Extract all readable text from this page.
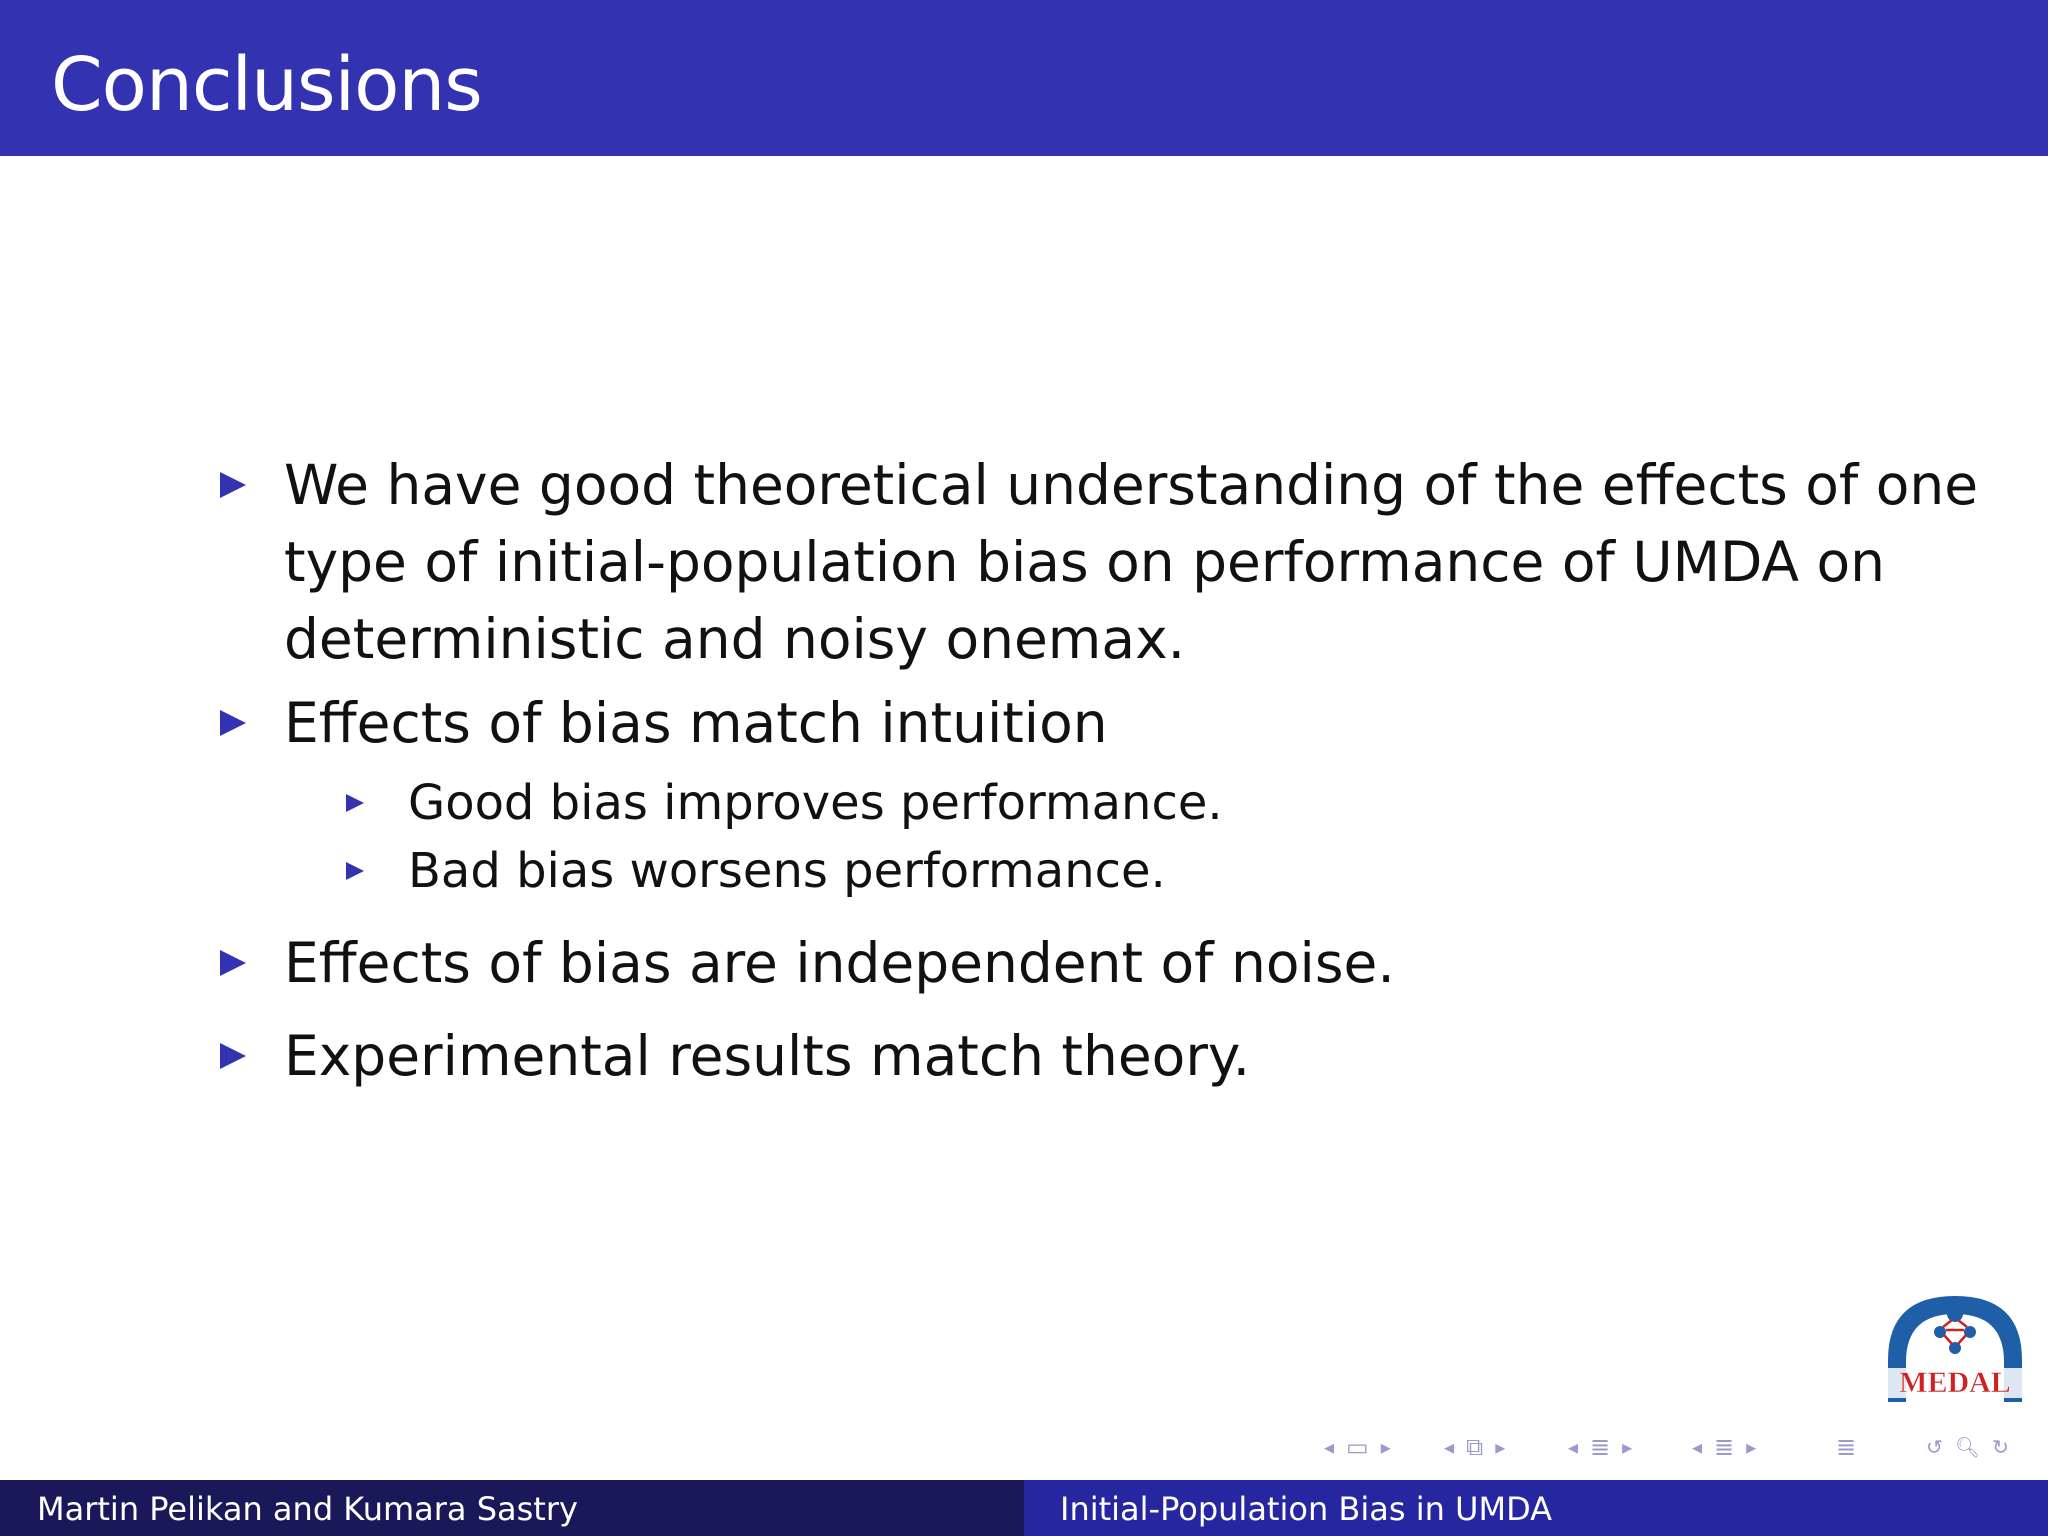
Conclusions
We have good theoretical understanding of the effects of one
type of initial-population bias on performance of UMDA on
deterministic and noisy onemax.
Effects of bias match intuition
Good bias improves performance.
Bad bias worsens performance.
Effects of bias are independent of noise.
Experimental results match theory.
MEDAL
◂ ▭ ▸	◂ ⧉ ▸	◂ ≣ ▸	◂ ≣ ▸	≣	↺ 🔍︎ ↻
Martin Pelikan and Kumara Sastry	Initial-Population Bias in UMDA
